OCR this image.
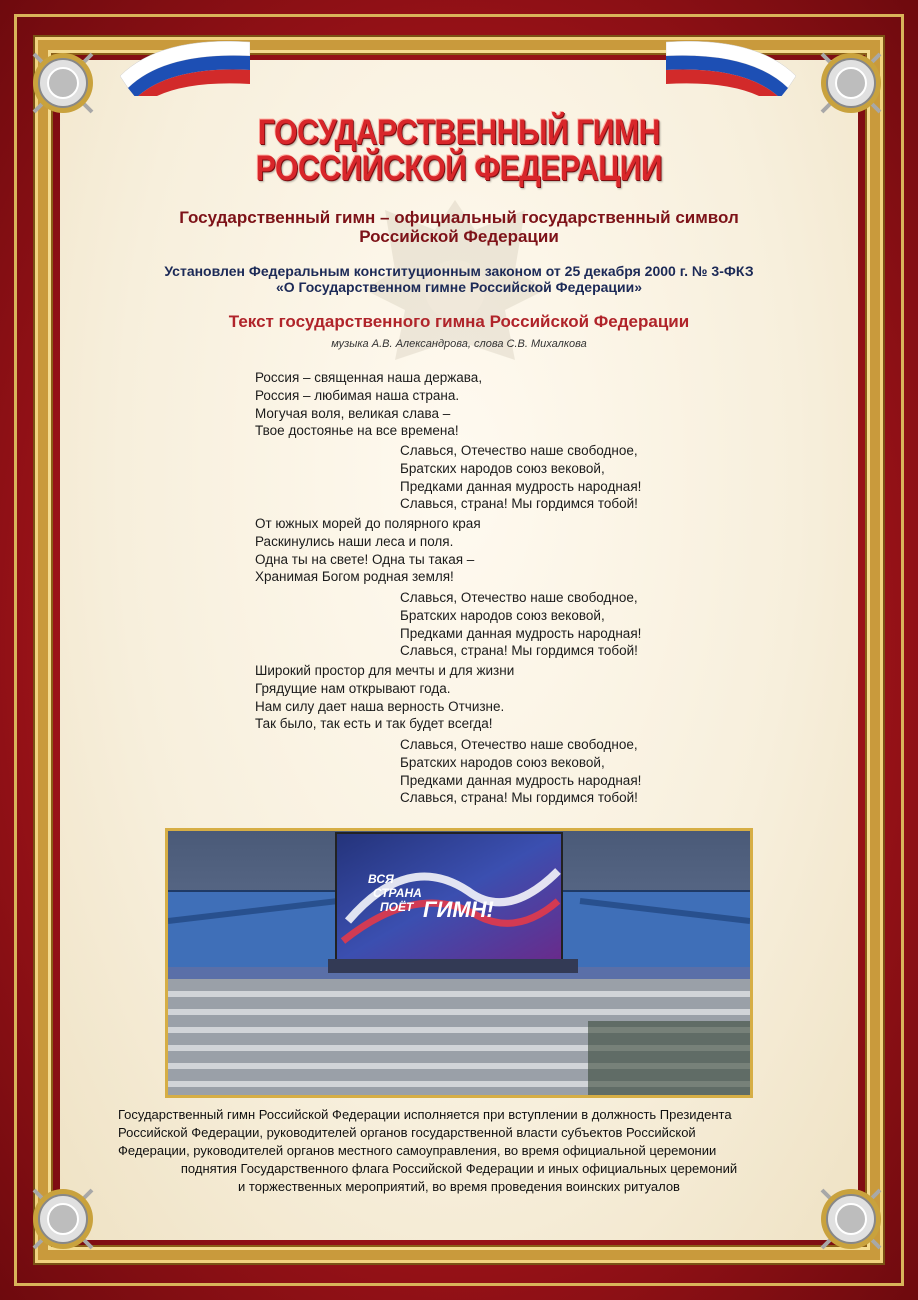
ГОСУДАРСТВЕННЫЙ ГИМН
РОССИЙСКОЙ ФЕДЕРАЦИИ
Государственный гимн – официальный государственный символ
Российской Федерации
Установлен Федеральным конституционным законом от 25 декабря 2000 г. № 3-ФКЗ
«О Государственном гимне Российской Федерации»
Текст государственного гимна Российской Федерации
музыка А.В. Александрова, слова С.В. Михалкова
Россия – священная наша держава,
Россия – любимая наша страна.
Могучая воля, великая слава –
Твое достоянье на все времена!
Славься, Отечество наше свободное,
Братских народов союз вековой,
Предками данная мудрость народная!
Славься, страна! Мы гордимся тобой!
От южных морей до полярного края
Раскинулись наши леса и поля.
Одна ты на свете! Одна ты такая –
Хранимая Богом родная земля!
Славься, Отечество наше свободное,
Братских народов союз вековой,
Предками данная мудрость народная!
Славься, страна! Мы гордимся тобой!
Широкий простор для мечты и для жизни
Грядущие нам открывают года.
Нам силу дает наша верность Отчизне.
Так было, так есть и так будет всегда!
Славься, Отечество наше свободное,
Братских народов союз вековой,
Предками данная мудрость народная!
Славься, страна! Мы гордимся тобой!
ВСЯ
СТРАНА
ПОЁТ ГИМН!
Государственный гимн Российской Федерации исполняется при вступлении в должность Президента
Российской Федерации, руководителей органов государственной власти субъектов Российской
Федерации, руководителей органов местного самоуправления, во время официальной церемонии
поднятия Государственного флага Российской Федерации и иных официальных церемоний
и торжественных мероприятий, во время проведения воинских ритуалов
